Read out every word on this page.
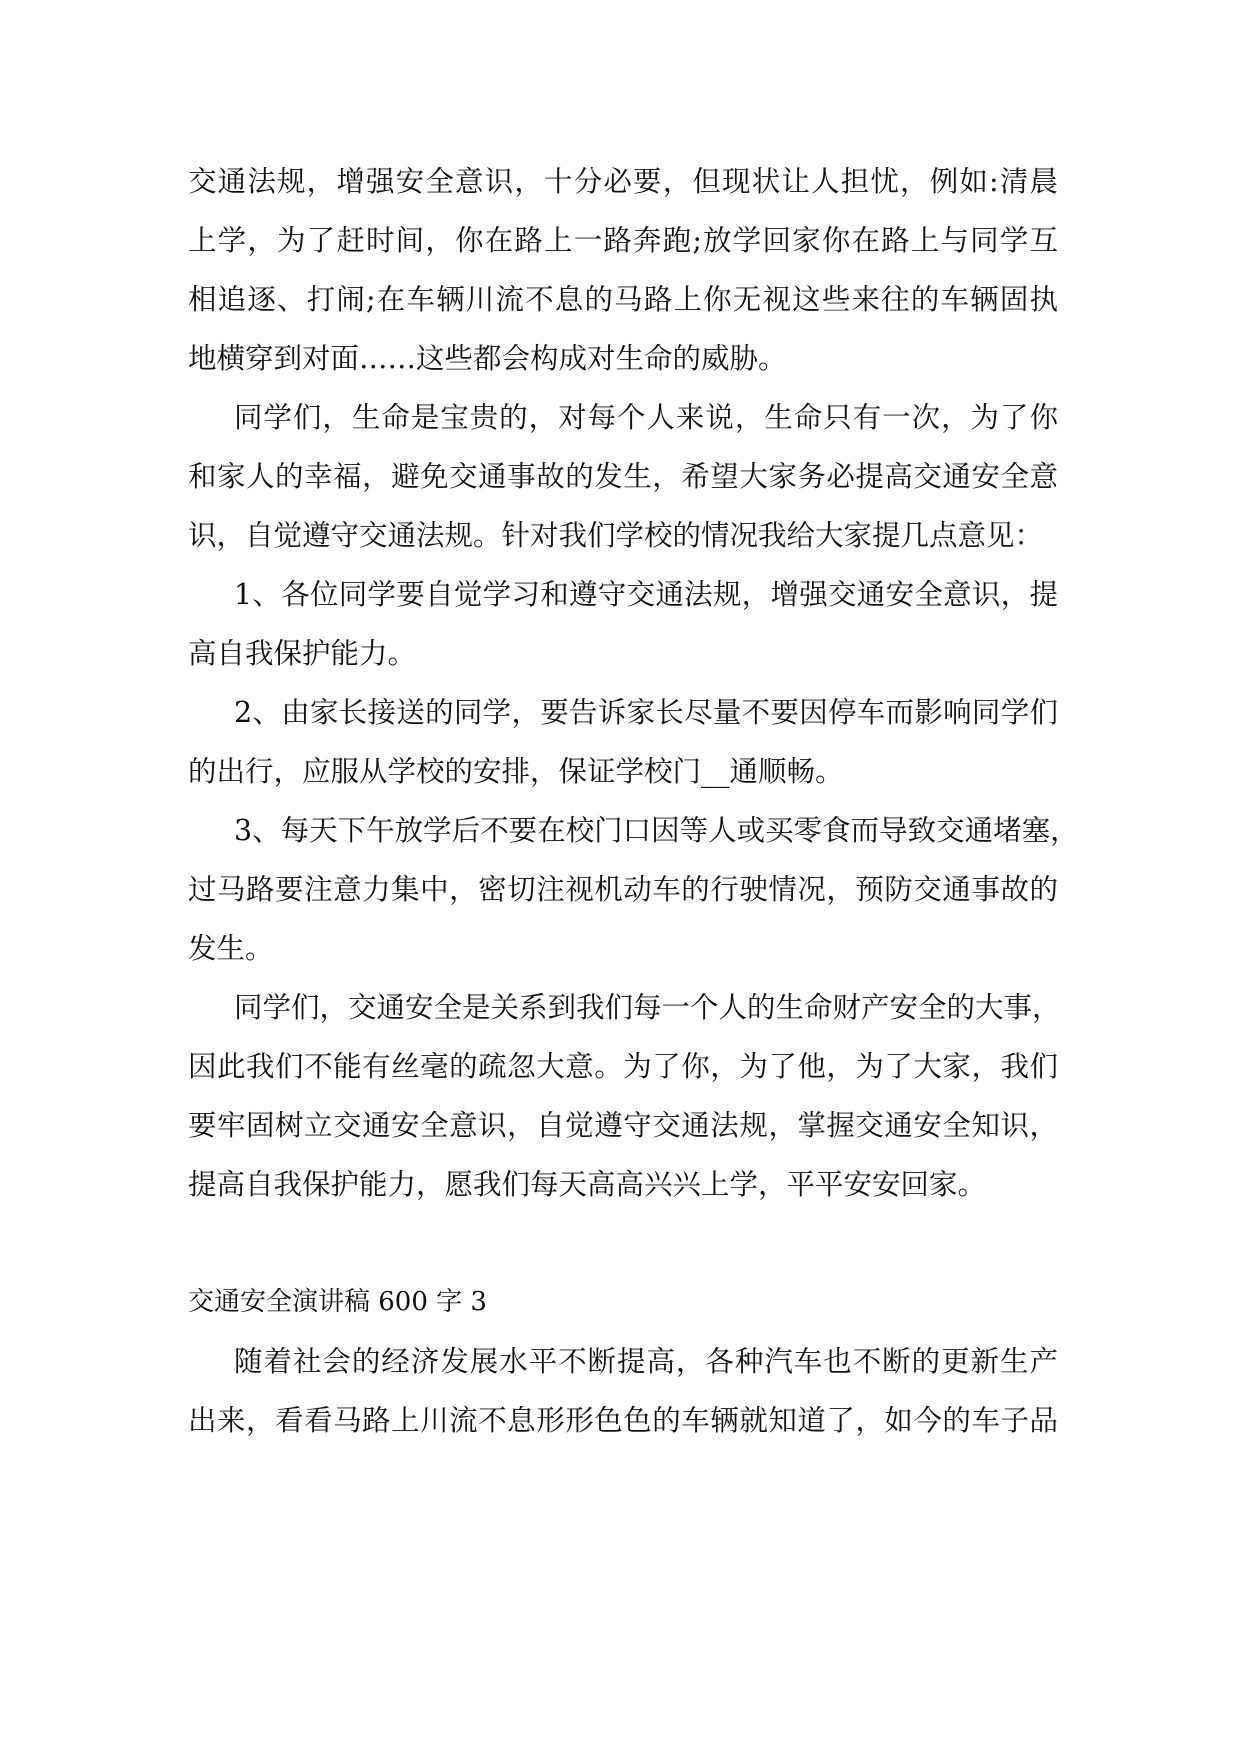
交通法规，增强安全意识，十分必要，但现状让人担忧，例如:清晨
上学，为了赶时间，你在路上一路奔跑;放学回家你在路上与同学互
相追逐、打闹;在车辆川流不息的马路上你无视这些来往的车辆固执
地横穿到对面……这些都会构成对生命的威胁。
同学们，生命是宝贵的，对每个人来说，生命只有一次，为了你
和家人的幸福，避免交通事故的发生，希望大家务必提高交通安全意
识，自觉遵守交通法规。针对我们学校的情况我给大家提几点意见：
1、各位同学要自觉学习和遵守交通法规，增强交通安全意识，提
高自我保护能力。
2、由家长接送的同学，要告诉家长尽量不要因停车而影响同学们
的出行，应服从学校的安排，保证学校门__通顺畅。
3、每天下午放学后不要在校门口因等人或买零食而导致交通堵塞，
过马路要注意力集中，密切注视机动车的行驶情况，预防交通事故的
发生。
同学们，交通安全是关系到我们每一个人的生命财产安全的大事，
因此我们不能有丝毫的疏忽大意。为了你，为了他，为了大家，我们
要牢固树立交通安全意识，自觉遵守交通法规，掌握交通安全知识，
提高自我保护能力，愿我们每天高高兴兴上学，平平安安回家。
交通安全演讲稿 600 字 3
随着社会的经济发展水平不断提高，各种汽车也不断的更新生产
出来，看看马路上川流不息形形色色的车辆就知道了，如今的车子品
